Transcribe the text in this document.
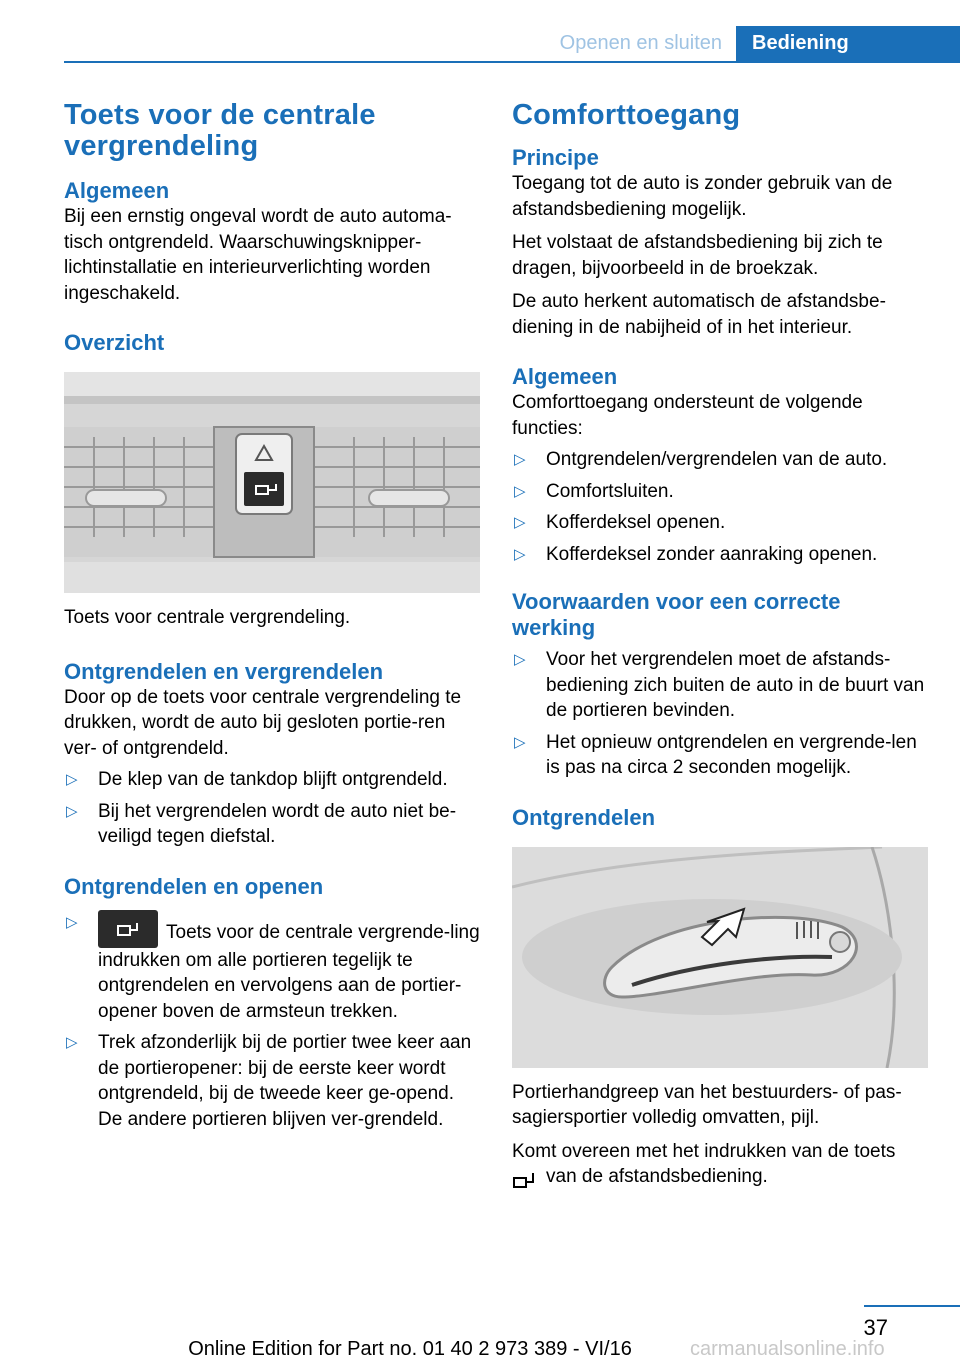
Openen en sluiten	Bediening
Toets voor de centrale vergrendeling
Algemeen

Bij een ernstig ongeval wordt de auto automa‐tisch ontgrendeld. Waarschuwingsknipper‐lichtinstallatie en interieurverlichting worden ingeschakeld.

Overzicht

Toets voor centrale vergrendeling.

Ontgrendelen en vergrendelen

Door op de toets voor centrale vergrendeling te drukken, wordt de auto bij gesloten portie‐ren ver- of ontgrendeld.

▷ De klep van de tankdop blijft ontgrendeld.
▷ Bij het vergrendelen wordt de auto niet be‐veiligd tegen diefstal.
Ontgrendelen en openen
▷	Toets voor de centrale vergrende‐ling indrukken om alle portieren tegelijk te ontgrendelen en vervolgens aan de portier‐opener boven de armsteun trekken.
▷ Trek afzonderlijk bij de portier twee keer aan de portieropener: bij de eerste keer wordt ontgrendeld, bij de tweede keer ge‐opend. De andere portieren blijven ver‐grendeld.
Comforttoegang
Principe

Toegang tot de auto is zonder gebruik van de afstandsbediening mogelijk.

Het volstaat de afstandsbediening bij zich te dragen, bijvoorbeeld in de broekzak.

De auto herkent automatisch de afstandsbe‐diening in de nabijheid of in het interieur.

Algemeen

Comforttoegang ondersteunt de volgende functies:

▷ Ontgrendelen/vergrendelen van de auto.
▷ Comfortsluiten.
▷ Kofferdeksel openen.
▷ Kofferdeksel zonder aanraking openen.
Voorwaarden voor een correcte werking
▷ Voor het vergrendelen moet de afstands‐bediening zich buiten de auto in de buurt van de portieren bevinden.
▷ Het opnieuw ontgrendelen en vergrende‐len is pas na circa 2 seconden mogelijk.
Ontgrendelen

Portierhandgreep van het bestuurders- of pas‐sagiersportier volledig omvatten, pijl.

Komt overeen met het indrukken van de toets
van de afstandsbediening.

37
Online Edition for Part no. 01 40 2 973 389 - VI/16	carmanualsonline.info
